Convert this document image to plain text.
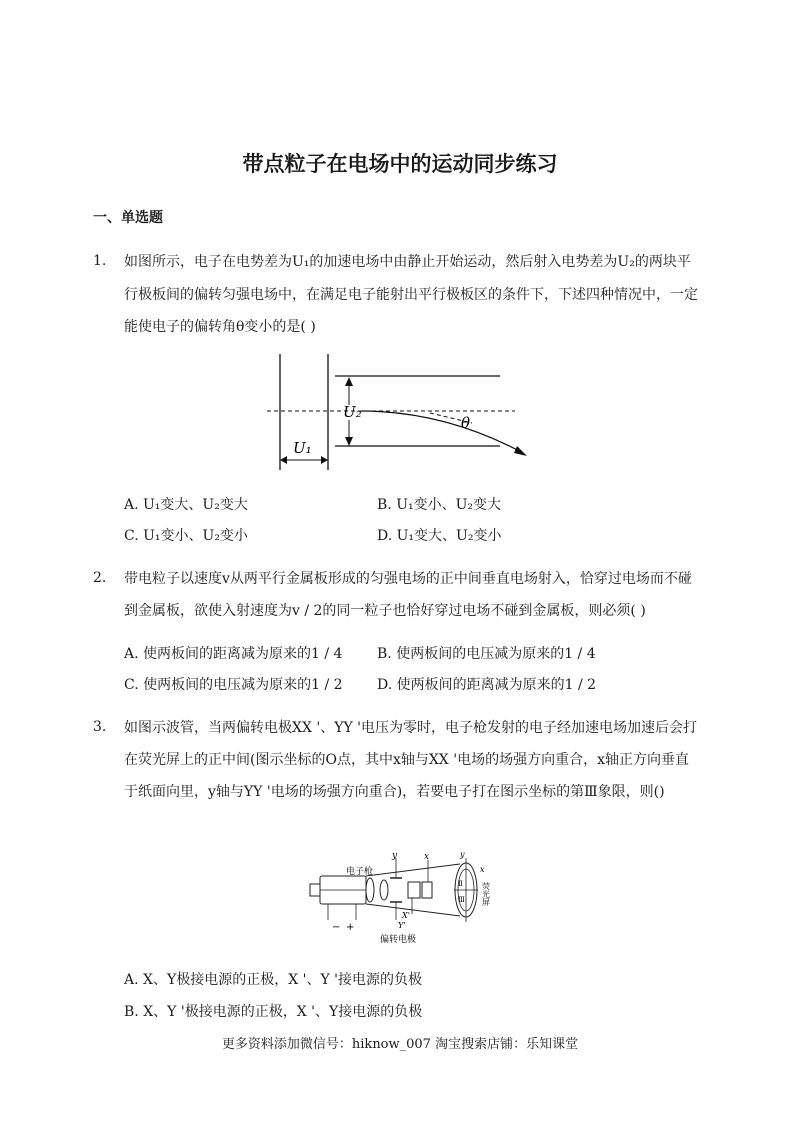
带点粒子在电场中的运动同步练习
一、单选题
1. 如图所示，电子在电势差为U₁的加速电场中由静止开始运动，然后射入电势差为U₂的两块平
行极板间的偏转匀强电场中，在满足电子能射出平行极板区的条件下，下述四种情况中，一定
能使电子的偏转角θ变小的是( )
U₂
θ
U₁
A. U₁变大、U₂变大	B. U₁变小、U₂变大
C. U₁变小、U₂变小	D. U₁变大、U₂变小
2. 带电粒子以速度v从两平行金属板形成的匀强电场的正中间垂直电场射入，恰穿过电场而不碰
到金属板，欲使入射速度为v / 2的同一粒子也恰好穿过电场不碰到金属板，则必须( )
A. 使两板间的距离减为原来的1 / 4 B. 使两板间的电压减为原来的1 / 4
C. 使两板间的电压减为原来的1 / 2 D. 使两板间的距离减为原来的1 / 2
3. 如图示波管，当两偏转电极XX '、YY '电压为零时，电子枪发射的电子经加速电场加速后会打
在荧光屏上的正中间(图示坐标的O点，其中x轴与XX '电场的场强方向重合，x轴正方向垂直
于纸面向里，y轴与YY '电场的场强方向重合)，若要电子打在图示坐标的第Ⅲ象限，则()
电子枪
− +
y
Y'
x
X'
偏转电极
y
x
Ⅱ
Ⅲ 荧光屏
A. X、Y极接电源的正极，X '、Y '接电源的负极
B. X、Y '极接电源的正极，X '、Y接电源的负极
更多资料添加微信号：hiknow_007 淘宝搜索店铺：乐知课堂
